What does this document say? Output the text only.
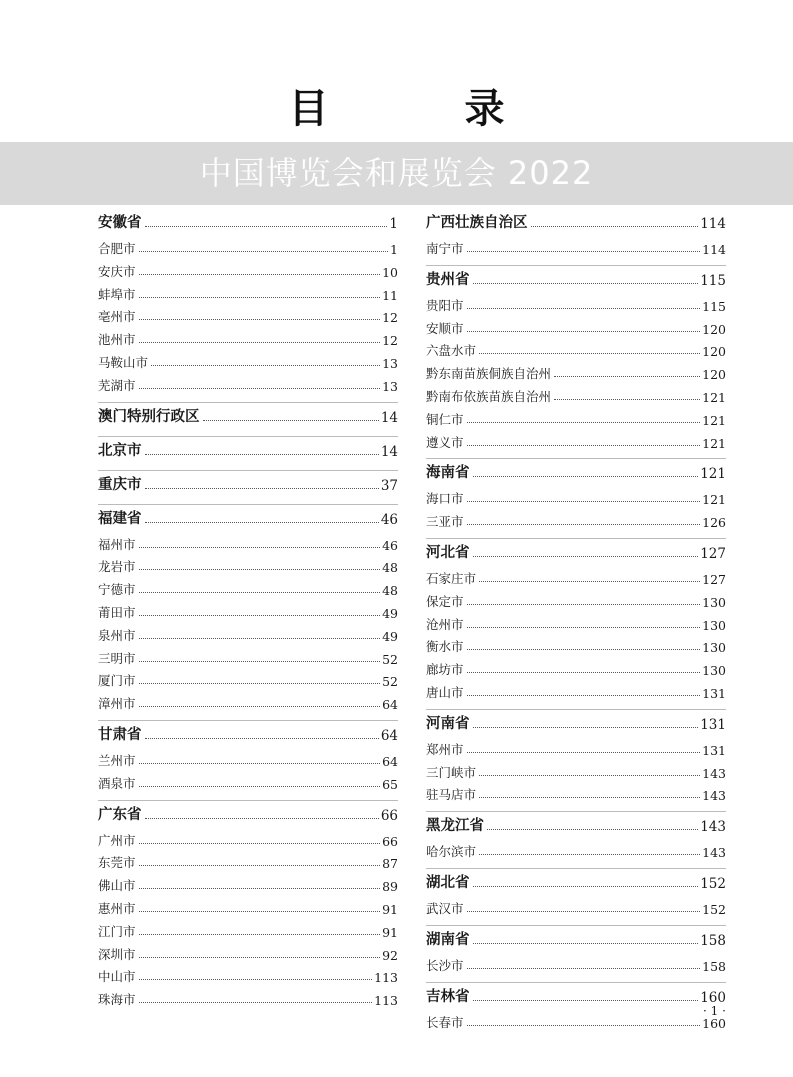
目　录
中国博览会和展览会 2022
安徽省	1
合肥市	1
安庆市	10
蚌埠市	11
亳州市	12
池州市	12
马鞍山市	13
芜湖市	13
澳门特别行政区	14
北京市	14
重庆市	37
福建省	46
福州市	46
龙岩市	48
宁德市	48
莆田市	49
泉州市	49
三明市	52
厦门市	52
漳州市	64
甘肃省	64
兰州市	64
酒泉市	65
广东省	66
广州市	66
东莞市	87
佛山市	89
惠州市	91
江门市	91
深圳市	92
中山市	113
珠海市	113
广西壮族自治区	114
南宁市	114
贵州省	115
贵阳市	115
安顺市	120
六盘水市	120
黔东南苗族侗族自治州	120
黔南布依族苗族自治州	121
铜仁市	121
遵义市	121
海南省	121
海口市	121
三亚市	126
河北省	127
石家庄市	127
保定市	130
沧州市	130
衡水市	130
廊坊市	130
唐山市	131
河南省	131
郑州市	131
三门峡市	143
驻马店市	143
黑龙江省	143
哈尔滨市	143
湖北省	152
武汉市	152
湖南省	158
长沙市	158
吉林省	160
长春市	160
· 1 ·
